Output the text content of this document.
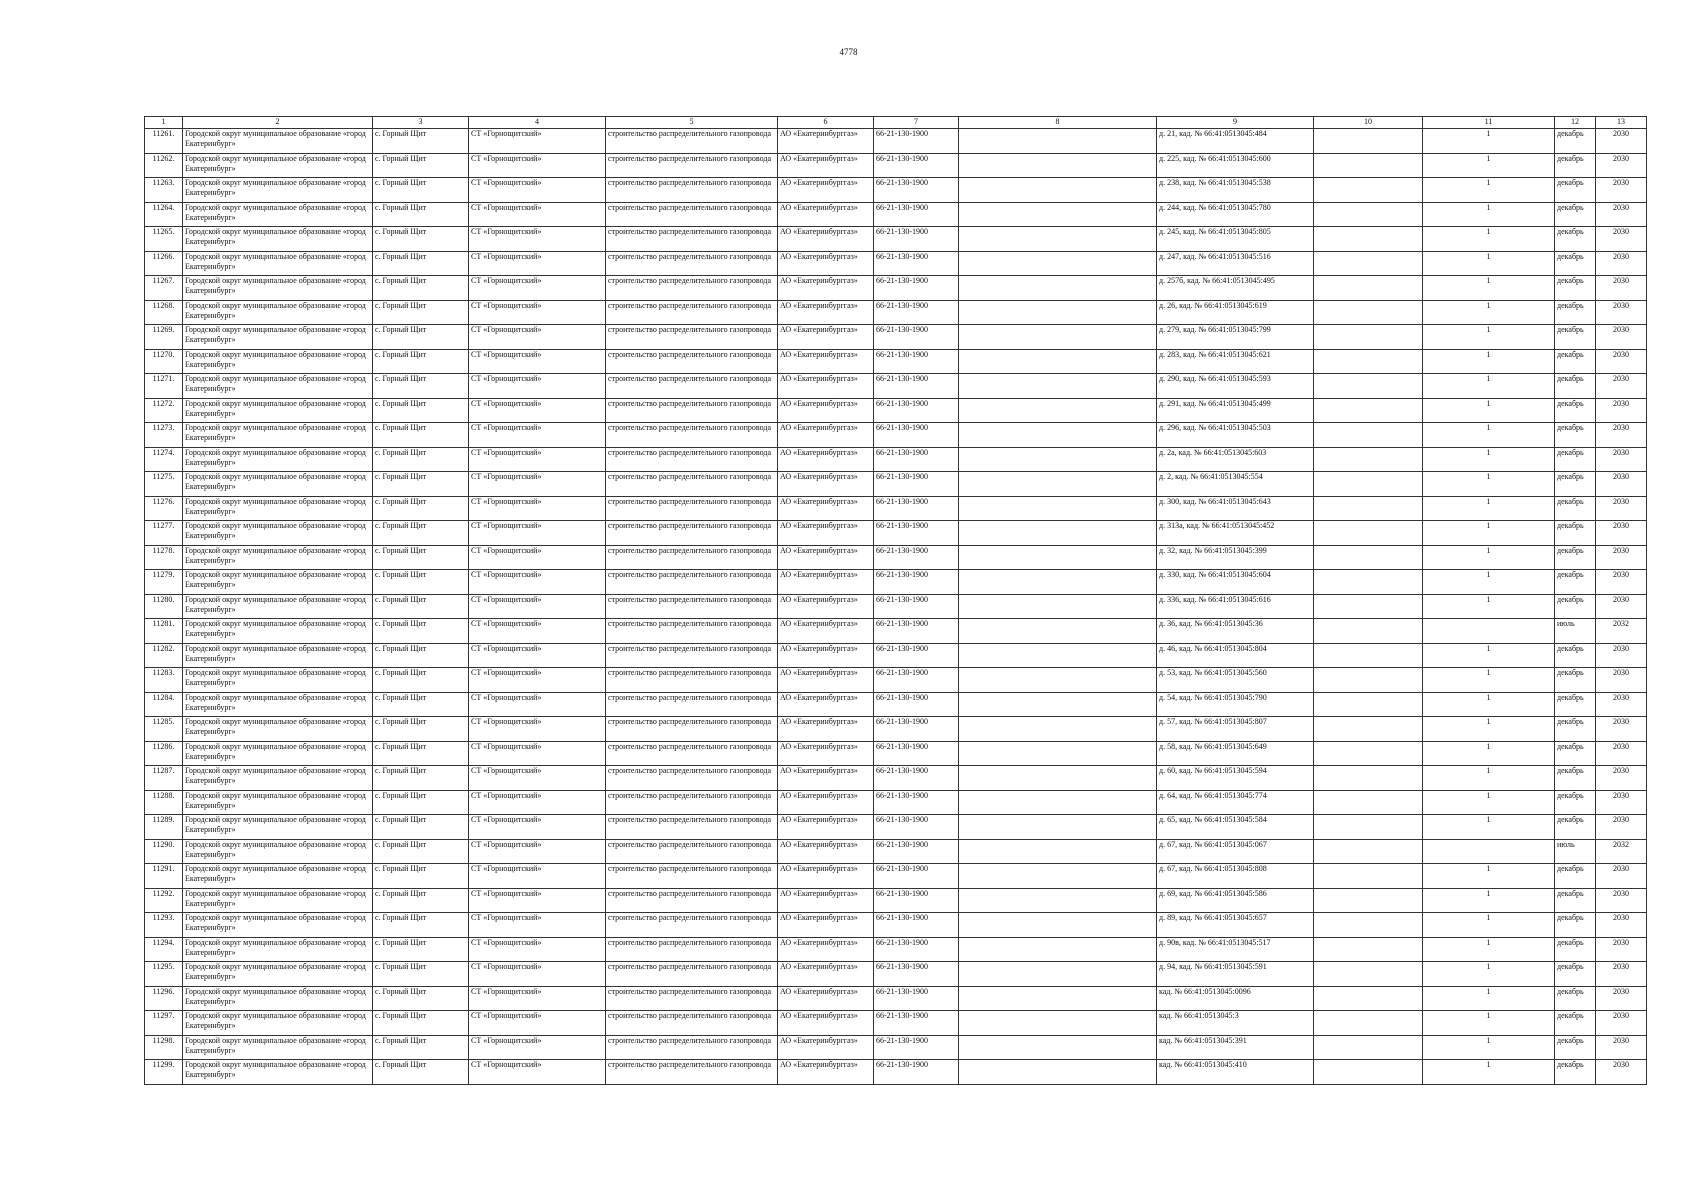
4778
1	2	3	4	5	6	7	8	9	10	11	12	13
11261.	Городской округ муниципальное образование «город Екатеринбург»	с. Горный Щит	СТ «Горнощитский»	строительство распределительного газопровода	АО «Екатеринбурггаз»	66-21-130-1900		д. 21, кад. № 66:41:0513045:484		1	декабрь	2030
11262.	Городской округ муниципальное образование «город Екатеринбург»	с. Горный Щит	СТ «Горнощитский»	строительство распределительного газопровода	АО «Екатеринбурггаз»	66-21-130-1900		д. 225, кад. № 66:41:0513045:600		1	декабрь	2030
11263.	Городской округ муниципальное образование «город Екатеринбург»	с. Горный Щит	СТ «Горнощитский»	строительство распределительного газопровода	АО «Екатеринбурггаз»	66-21-130-1900		д. 238, кад. № 66:41:0513045:538		1	декабрь	2030
11264.	Городской округ муниципальное образование «город Екатеринбург»	с. Горный Щит	СТ «Горнощитский»	строительство распределительного газопровода	АО «Екатеринбурггаз»	66-21-130-1900		д. 244, кад. № 66:41:0513045:780		1	декабрь	2030
11265.	Городской округ муниципальное образование «город Екатеринбург»	с. Горный Щит	СТ «Горнощитский»	строительство распределительного газопровода	АО «Екатеринбурггаз»	66-21-130-1900		д. 245, кад. № 66:41:0513045:805		1	декабрь	2030
11266.	Городской округ муниципальное образование «город Екатеринбург»	с. Горный Щит	СТ «Горнощитский»	строительство распределительного газопровода	АО «Екатеринбурггаз»	66-21-130-1900		д. 247, кад. № 66:41:0513045:516		1	декабрь	2030
11267.	Городской округ муниципальное образование «город Екатеринбург»	с. Горный Щит	СТ «Горнощитский»	строительство распределительного газопровода	АО «Екатеринбурггаз»	66-21-130-1900		д. 257б, кад. № 66:41:0513045:495		1	декабрь	2030
11268.	Городской округ муниципальное образование «город Екатеринбург»	с. Горный Щит	СТ «Горнощитский»	строительство распределительного газопровода	АО «Екатеринбурггаз»	66-21-130-1900		д. 26, кад. № 66:41:0513045:619		1	декабрь	2030
11269.	Городской округ муниципальное образование «город Екатеринбург»	с. Горный Щит	СТ «Горнощитский»	строительство распределительного газопровода	АО «Екатеринбурггаз»	66-21-130-1900		д. 279, кад. № 66:41:0513045:799		1	декабрь	2030
11270.	Городской округ муниципальное образование «город Екатеринбург»	с. Горный Щит	СТ «Горнощитский»	строительство распределительного газопровода	АО «Екатеринбурггаз»	66-21-130-1900		д. 283, кад. № 66:41:0513045:621		1	декабрь	2030
11271.	Городской округ муниципальное образование «город Екатеринбург»	с. Горный Щит	СТ «Горнощитский»	строительство распределительного газопровода	АО «Екатеринбурггаз»	66-21-130-1900		д. 290, кад. № 66:41:0513045:593		1	декабрь	2030
11272.	Городской округ муниципальное образование «город Екатеринбург»	с. Горный Щит	СТ «Горнощитский»	строительство распределительного газопровода	АО «Екатеринбурггаз»	66-21-130-1900		д. 291, кад. № 66:41:0513045:499		1	декабрь	2030
11273.	Городской округ муниципальное образование «город Екатеринбург»	с. Горный Щит	СТ «Горнощитский»	строительство распределительного газопровода	АО «Екатеринбурггаз»	66-21-130-1900		д. 296, кад. № 66:41:0513045:503		1	декабрь	2030
11274.	Городской округ муниципальное образование «город Екатеринбург»	с. Горный Щит	СТ «Горнощитский»	строительство распределительного газопровода	АО «Екатеринбурггаз»	66-21-130-1900		д. 2а, кад. № 66:41:0513045:603		1	декабрь	2030
11275.	Городской округ муниципальное образование «город Екатеринбург»	с. Горный Щит	СТ «Горнощитский»	строительство распределительного газопровода	АО «Екатеринбурггаз»	66-21-130-1900		д. 2, кад. № 66:41:0513045:554		1	декабрь	2030
11276.	Городской округ муниципальное образование «город Екатеринбург»	с. Горный Щит	СТ «Горнощитский»	строительство распределительного газопровода	АО «Екатеринбурггаз»	66-21-130-1900		д. 300, кад. № 66:41:0513045:643		1	декабрь	2030
11277.	Городской округ муниципальное образование «город Екатеринбург»	с. Горный Щит	СТ «Горнощитский»	строительство распределительного газопровода	АО «Екатеринбурггаз»	66-21-130-1900		д. 313а, кад. № 66:41:0513045:452		1	декабрь	2030
11278.	Городской округ муниципальное образование «город Екатеринбург»	с. Горный Щит	СТ «Горнощитский»	строительство распределительного газопровода	АО «Екатеринбурггаз»	66-21-130-1900		д. 32, кад. № 66:41:0513045:399		1	декабрь	2030
11279.	Городской округ муниципальное образование «город Екатеринбург»	с. Горный Щит	СТ «Горнощитский»	строительство распределительного газопровода	АО «Екатеринбурггаз»	66-21-130-1900		д. 330, кад. № 66:41:0513045:604		1	декабрь	2030
11280.	Городской округ муниципальное образование «город Екатеринбург»	с. Горный Щит	СТ «Горнощитский»	строительство распределительного газопровода	АО «Екатеринбурггаз»	66-21-130-1900		д. 336, кад. № 66:41:0513045:616		1	декабрь	2030
11281.	Городской округ муниципальное образование «город Екатеринбург»	с. Горный Щит	СТ «Горнощитский»	строительство распределительного газопровода	АО «Екатеринбурггаз»	66-21-130-1900		д. 36, кад. № 66:41:0513045:36			июль	2032
11282.	Городской округ муниципальное образование «город Екатеринбург»	с. Горный Щит	СТ «Горнощитский»	строительство распределительного газопровода	АО «Екатеринбурггаз»	66-21-130-1900		д. 46, кад. № 66:41:0513045:804		1	декабрь	2030
11283.	Городской округ муниципальное образование «город Екатеринбург»	с. Горный Щит	СТ «Горнощитский»	строительство распределительного газопровода	АО «Екатеринбурггаз»	66-21-130-1900		д. 53, кад. № 66:41:0513045:560		1	декабрь	2030
11284.	Городской округ муниципальное образование «город Екатеринбург»	с. Горный Щит	СТ «Горнощитский»	строительство распределительного газопровода	АО «Екатеринбурггаз»	66-21-130-1900		д. 54, кад. № 66:41:0513045:790		1	декабрь	2030
11285.	Городской округ муниципальное образование «город Екатеринбург»	с. Горный Щит	СТ «Горнощитский»	строительство распределительного газопровода	АО «Екатеринбурггаз»	66-21-130-1900		д. 57, кад. № 66:41:0513045:807		1	декабрь	2030
11286.	Городской округ муниципальное образование «город Екатеринбург»	с. Горный Щит	СТ «Горнощитский»	строительство распределительного газопровода	АО «Екатеринбурггаз»	66-21-130-1900		д. 58, кад. № 66:41:0513045:649		1	декабрь	2030
11287.	Городской округ муниципальное образование «город Екатеринбург»	с. Горный Щит	СТ «Горнощитский»	строительство распределительного газопровода	АО «Екатеринбурггаз»	66-21-130-1900		д. 60, кад. № 66:41:0513045:594		1	декабрь	2030
11288.	Городской округ муниципальное образование «город Екатеринбург»	с. Горный Щит	СТ «Горнощитский»	строительство распределительного газопровода	АО «Екатеринбурггаз»	66-21-130-1900		д. 64, кад. № 66:41:0513045:774		1	декабрь	2030
11289.	Городской округ муниципальное образование «город Екатеринбург»	с. Горный Щит	СТ «Горнощитский»	строительство распределительного газопровода	АО «Екатеринбурггаз»	66-21-130-1900		д. 65, кад. № 66:41:0513045:584		1	декабрь	2030
11290.	Городской округ муниципальное образование «город Екатеринбург»	с. Горный Щит	СТ «Горнощитский»	строительство распределительного газопровода	АО «Екатеринбурггаз»	66-21-130-1900		д. 67, кад. № 66:41:0513045:067			июль	2032
11291.	Городской округ муниципальное образование «город Екатеринбург»	с. Горный Щит	СТ «Горнощитский»	строительство распределительного газопровода	АО «Екатеринбурггаз»	66-21-130-1900		д. 67, кад. № 66:41:0513045:808		1	декабрь	2030
11292.	Городской округ муниципальное образование «город Екатеринбург»	с. Горный Щит	СТ «Горнощитский»	строительство распределительного газопровода	АО «Екатеринбурггаз»	66-21-130-1900		д. 69, кад. № 66:41:0513045:586		1	декабрь	2030
11293.	Городской округ муниципальное образование «город Екатеринбург»	с. Горный Щит	СТ «Горнощитский»	строительство распределительного газопровода	АО «Екатеринбурггаз»	66-21-130-1900		д. 89, кад. № 66:41:0513045:657		1	декабрь	2030
11294.	Городской округ муниципальное образование «город Екатеринбург»	с. Горный Щит	СТ «Горнощитский»	строительство распределительного газопровода	АО «Екатеринбурггаз»	66-21-130-1900		д. 90в, кад. № 66:41:0513045:517		1	декабрь	2030
11295.	Городской округ муниципальное образование «город Екатеринбург»	с. Горный Щит	СТ «Горнощитский»	строительство распределительного газопровода	АО «Екатеринбурггаз»	66-21-130-1900		д. 94, кад. № 66:41:0513045:591		1	декабрь	2030
11296.	Городской округ муниципальное образование «город Екатеринбург»	с. Горный Щит	СТ «Горнощитский»	строительство распределительного газопровода	АО «Екатеринбурггаз»	66-21-130-1900		кад. № 66:41:0513045:0096		1	декабрь	2030
11297.	Городской округ муниципальное образование «город Екатеринбург»	с. Горный Щит	СТ «Горнощитский»	строительство распределительного газопровода	АО «Екатеринбурггаз»	66-21-130-1900		кад. № 66:41:0513045:3		1	декабрь	2030
11298.	Городской округ муниципальное образование «город Екатеринбург»	с. Горный Щит	СТ «Горнощитский»	строительство распределительного газопровода	АО «Екатеринбурггаз»	66-21-130-1900		кад. № 66:41:0513045:391		1	декабрь	2030
11299.	Городской округ муниципальное образование «город Екатеринбург»	с. Горный Щит	СТ «Горнощитский»	строительство распределительного газопровода	АО «Екатеринбурггаз»	66-21-130-1900		кад. № 66:41:0513045:410		1	декабрь	2030
